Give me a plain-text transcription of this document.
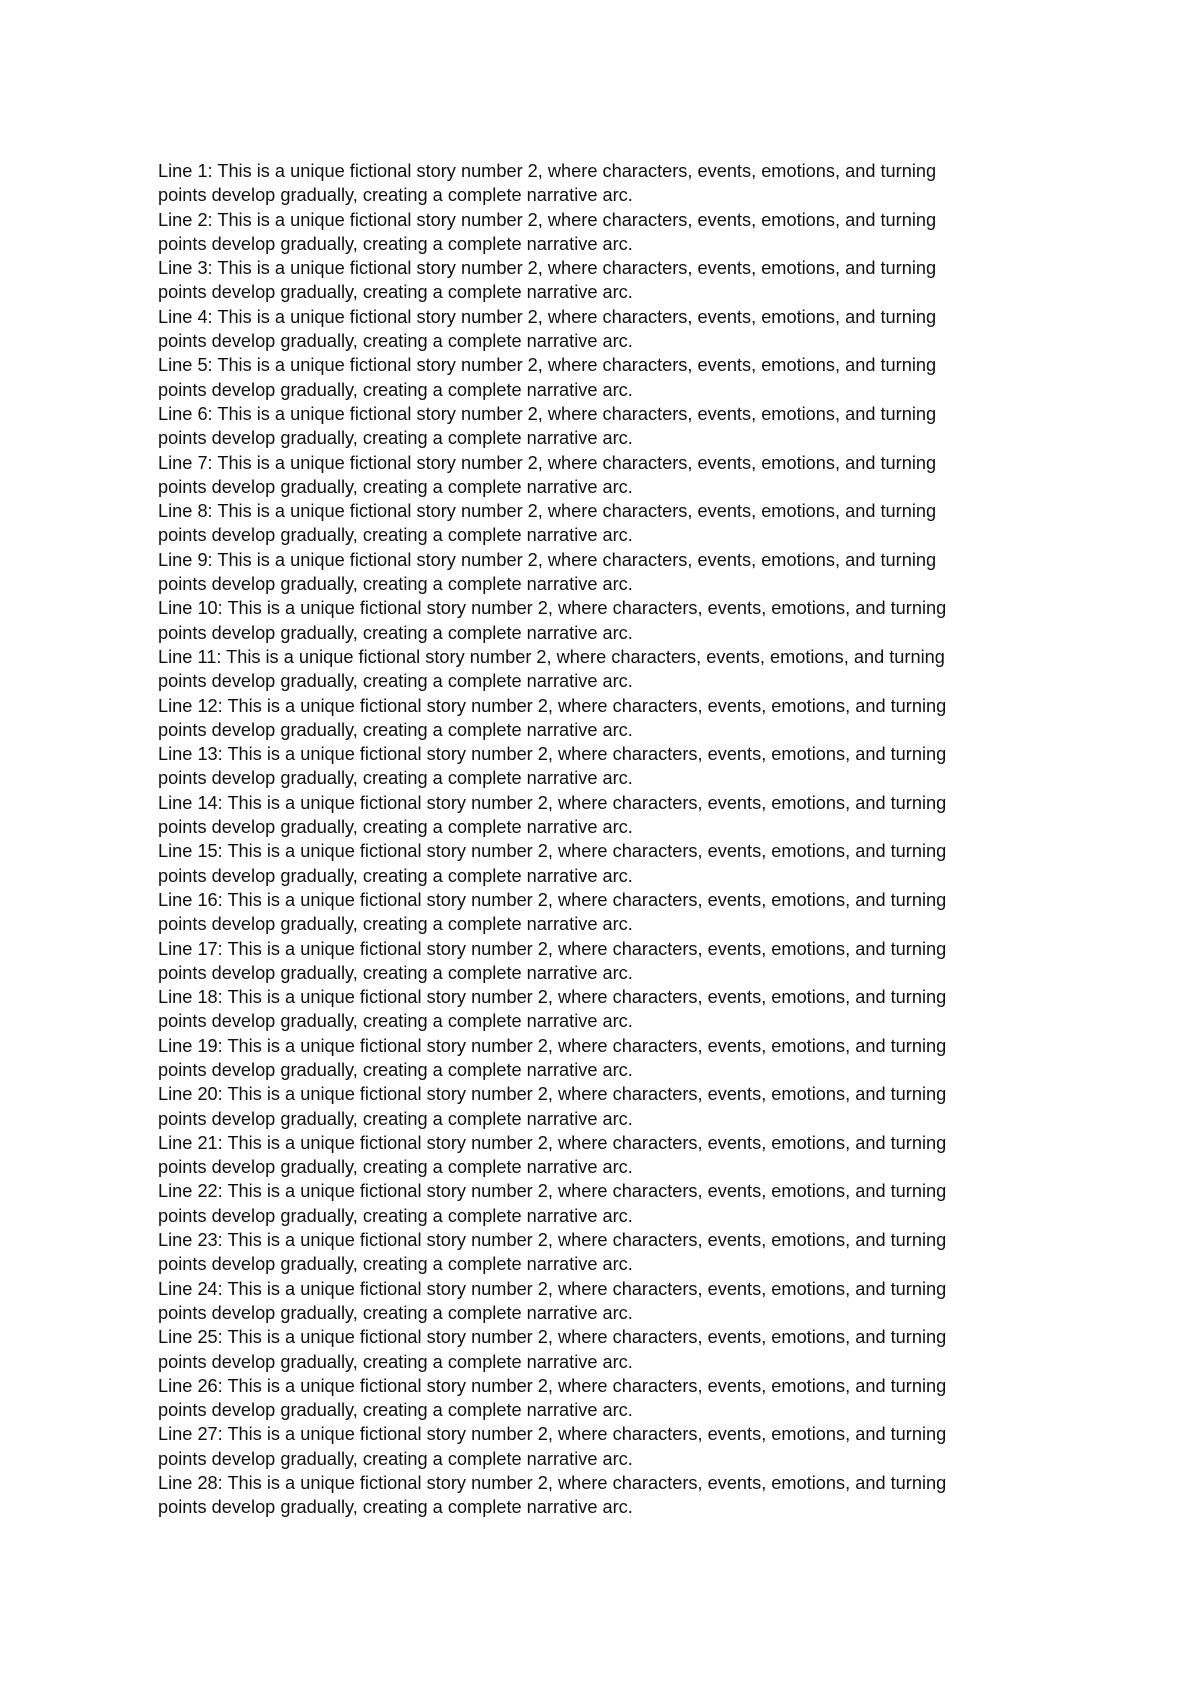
Line 1: This is a unique fictional story number 2, where characters, events, emotions, and turning
points develop gradually, creating a complete narrative arc.

Line 2: This is a unique fictional story number 2, where characters, events, emotions, and turning
points develop gradually, creating a complete narrative arc.

Line 3: This is a unique fictional story number 2, where characters, events, emotions, and turning
points develop gradually, creating a complete narrative arc.

Line 4: This is a unique fictional story number 2, where characters, events, emotions, and turning
points develop gradually, creating a complete narrative arc.

Line 5: This is a unique fictional story number 2, where characters, events, emotions, and turning
points develop gradually, creating a complete narrative arc.

Line 6: This is a unique fictional story number 2, where characters, events, emotions, and turning
points develop gradually, creating a complete narrative arc.

Line 7: This is a unique fictional story number 2, where characters, events, emotions, and turning
points develop gradually, creating a complete narrative arc.

Line 8: This is a unique fictional story number 2, where characters, events, emotions, and turning
points develop gradually, creating a complete narrative arc.

Line 9: This is a unique fictional story number 2, where characters, events, emotions, and turning
points develop gradually, creating a complete narrative arc.

Line 10: This is a unique fictional story number 2, where characters, events, emotions, and turning
points develop gradually, creating a complete narrative arc.

Line 11: This is a unique fictional story number 2, where characters, events, emotions, and turning
points develop gradually, creating a complete narrative arc.

Line 12: This is a unique fictional story number 2, where characters, events, emotions, and turning
points develop gradually, creating a complete narrative arc.

Line 13: This is a unique fictional story number 2, where characters, events, emotions, and turning
points develop gradually, creating a complete narrative arc.

Line 14: This is a unique fictional story number 2, where characters, events, emotions, and turning
points develop gradually, creating a complete narrative arc.

Line 15: This is a unique fictional story number 2, where characters, events, emotions, and turning
points develop gradually, creating a complete narrative arc.

Line 16: This is a unique fictional story number 2, where characters, events, emotions, and turning
points develop gradually, creating a complete narrative arc.

Line 17: This is a unique fictional story number 2, where characters, events, emotions, and turning
points develop gradually, creating a complete narrative arc.

Line 18: This is a unique fictional story number 2, where characters, events, emotions, and turning
points develop gradually, creating a complete narrative arc.

Line 19: This is a unique fictional story number 2, where characters, events, emotions, and turning
points develop gradually, creating a complete narrative arc.

Line 20: This is a unique fictional story number 2, where characters, events, emotions, and turning
points develop gradually, creating a complete narrative arc.

Line 21: This is a unique fictional story number 2, where characters, events, emotions, and turning
points develop gradually, creating a complete narrative arc.

Line 22: This is a unique fictional story number 2, where characters, events, emotions, and turning
points develop gradually, creating a complete narrative arc.

Line 23: This is a unique fictional story number 2, where characters, events, emotions, and turning
points develop gradually, creating a complete narrative arc.

Line 24: This is a unique fictional story number 2, where characters, events, emotions, and turning
points develop gradually, creating a complete narrative arc.

Line 25: This is a unique fictional story number 2, where characters, events, emotions, and turning
points develop gradually, creating a complete narrative arc.

Line 26: This is a unique fictional story number 2, where characters, events, emotions, and turning
points develop gradually, creating a complete narrative arc.

Line 27: This is a unique fictional story number 2, where characters, events, emotions, and turning
points develop gradually, creating a complete narrative arc.

Line 28: This is a unique fictional story number 2, where characters, events, emotions, and turning
points develop gradually, creating a complete narrative arc.
